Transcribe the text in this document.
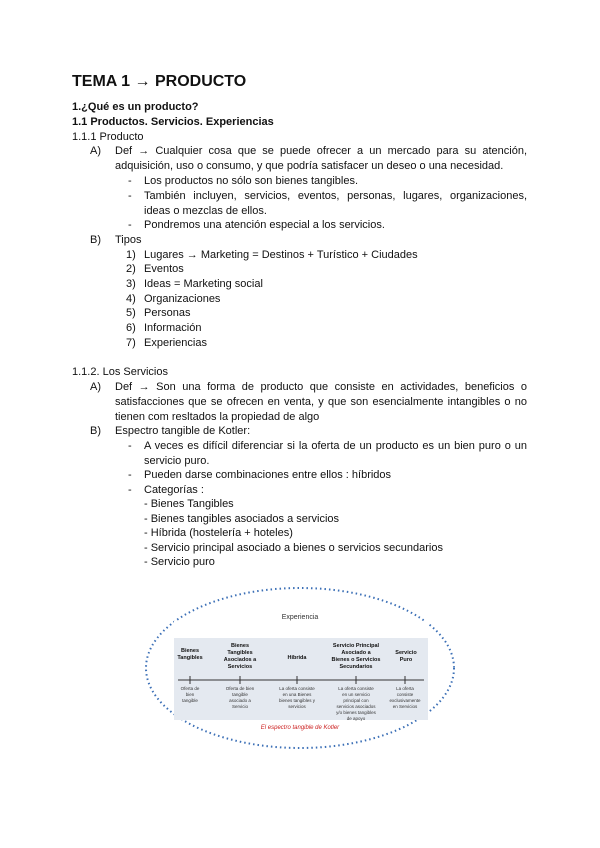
TEMA 1 → PRODUCTO
1.¿Qué es un producto?
1.1 Productos. Servicios. Experiencias
1.1.1 Producto
A) Def → Cualquier cosa que se puede ofrecer a un mercado para su atención, adquisición, uso o consumo, y que podría satisfacer un deseo o una necesidad.
- Los productos no sólo son bienes tangibles.
- También incluyen, servicios, eventos, personas, lugares, organizaciones, ideas o mezclas de ellos.
- Pondremos una atención especial a los servicios.
B) Tipos
1) Lugares → Marketing = Destinos + Turístico + Ciudades
2) Eventos
3) Ideas = Marketing social
4) Organizaciones
5) Personas
6) Información
7) Experiencias
1.1.2. Los Servicios
A) Def → Son una forma de producto que consiste en actividades, beneficios o satisfacciones que se ofrecen en venta, y que son esencialmente intangibles o no tienen com resltados la propiedad de algo
B) Espectro tangible de Kotler:
- A veces es difícil diferenciar si la oferta de un producto es un bien puro o un servicio puro.
- Pueden darse combinaciones entre ellos : híbridos
- Categorías :
- Bienes Tangibles
- Bienes tangibles asociados a servicios
- Híbrida (hostelería + hoteles)
- Servicio principal asociado a bienes o servicios secundarios
- Servicio puro
Experiencia
Bienes
Tangibles
Bienes
Tangibles
Asociados a
Servicios
Híbrida
Servicio Principal
Asociado a
Bienes o Servicios
Secundarios
Servicio
Puro
Oferta de
bien
tangible
Oferta de bien
tangible
asociado a
Servicio
La oferta consiste
en una Bienes
bienes tangibles y
servicios
La oferta consiste
en un servicio
principal con
servicios asociados
y/o bienes tangibles
de apoyo
La oferta
consiste
exclusivamente
en Servicios
El espectro tangible de Kotler
